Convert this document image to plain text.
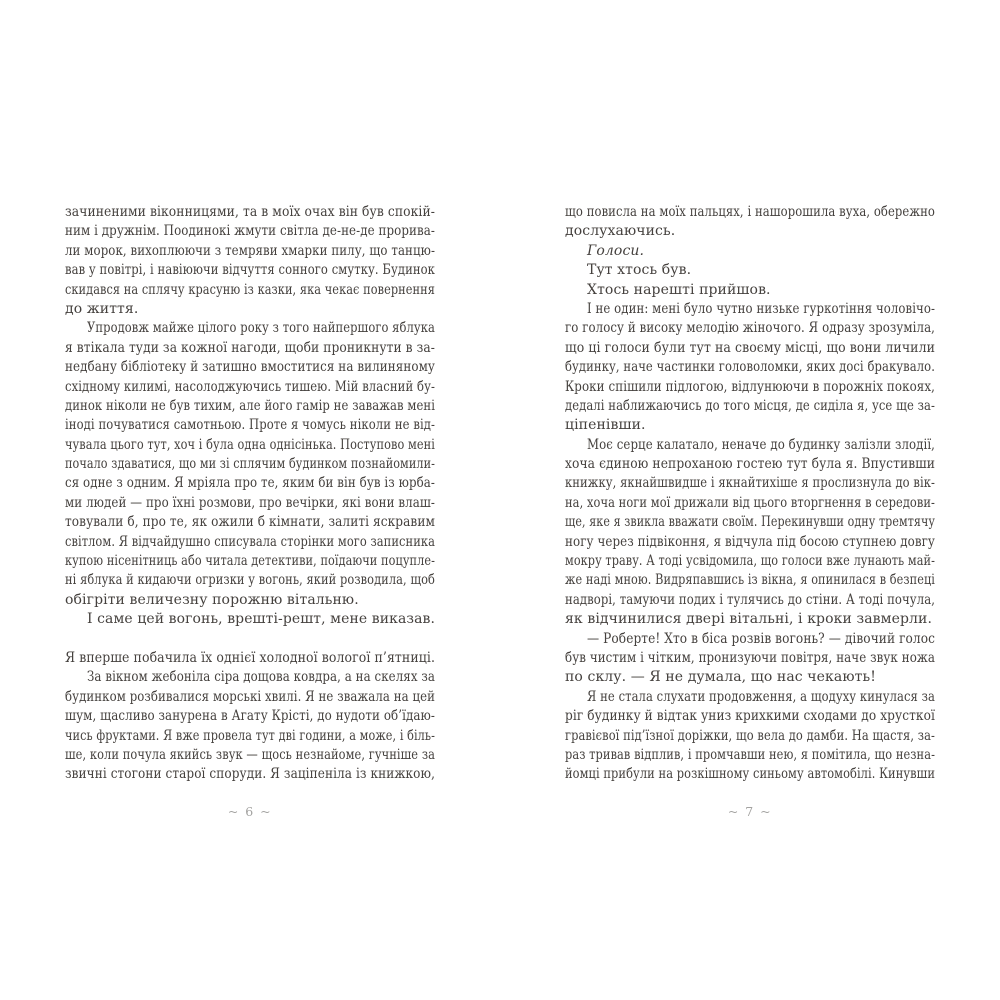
зачиненими віконницями, та в моїх очах він був спокій-
ним і дружнім. Поодинокі жмути світла де-не-де прорива-
ли морок, вихоплюючи з темряви хмарки пилу, що танцю-
вав у повітрі, і навіюючи відчуття сонного смутку. Будинок
скидався на сплячу красуню із казки, яка чекає повернення
до життя.
Упродовж майже цілого року з того найпершого яблука
я втікала туди за кожної нагоди, щоби проникнути в за-
недбану бібліотеку й затишно вмоститися на вилиняному
східному килимі, насолоджуючись тишею. Мій власний бу-
динок ніколи не був тихим, але його гамір не заважав мені
іноді почуватися самотньою. Проте я чомусь ніколи не від-
чувала цього тут, хоч і була одна однісінька. Поступово мені
почало здаватися, що ми зі сплячим будинком познайомили-
ся одне з одним. Я мріяла про те, яким би він був із юрба-
ми людей — про їхні розмови, про вечірки, які вони влаш-
товували б, про те, як ожили б кімнати, залиті яскравим
світлом. Я відчайдушно списувала сторінки мого записника
купою нісенітниць або читала детективи, поїдаючи поцупле-
ні яблука й кидаючи огризки у вогонь, який розводила, щоб
обігріти величезну порожню вітальню.
І саме цей вогонь, врешті-решт, мене виказав.
Я вперше побачила їх однієї холодної вологої п’ятниці.
За вікном жебоніла сіра дощова ковдра, а на скелях за
будинком розбивалися морські хвилі. Я не зважала на цей
шум, щасливо занурена в Агату Крісті, до нудоти об’їдаю-
чись фруктами. Я вже провела тут дві години, а може, і біль-
ше, коли почула якийсь звук — щось незнайоме, гучніше за
звичні стогони старої споруди. Я заціпеніла із книжкою,
що повисла на моїх пальцях, і нашорошила вуха, обережно
дослухаючись.
Голоси.
Тут хтось був.
Хтось нарешті прийшов.
І не один: мені було чутно низьке гуркотіння чоловічо-
го голосу й високу мелодію жіночого. Я одразу зрозуміла,
що ці голоси були тут на своєму місці, що вони личили
будинку, наче частинки головоломки, яких досі бракувало.
Кроки спішили підлогою, відлунюючи в порожніх покоях,
дедалі наближаючись до того місця, де сиділа я, усе ще за-
ціпенівши.
Моє серце калатало, неначе до будинку залізли злодії,
хоча єдиною непроханою гостею тут була я. Впустивши
книжку, якнайшвидше і якнайтихіше я прослизнула до вік-
на, хоча ноги мої дрижали від цього вторгнення в середови-
ще, яке я звикла вважати своїм. Перекинувши одну тремтячу
ногу через підвіконня, я відчула під босою ступнею довгу
мокру траву. А тоді усвідомила, що голоси вже лунають май-
же наді мною. Видряпавшись із вікна, я опинилася в безпеці
надворі, тамуючи подих і тулячись до стіни. А тоді почула,
як відчинилися двері вітальні, і кроки завмерли.
— Роберте! Хто в біса розвів вогонь? — дівочий голос
був чистим і чітким, пронизуючи повітря, наче звук ножа
по склу. — Я не думала, що нас чекають!
Я не стала слухати продовження, а щодуху кинулася за
ріг будинку й відтак униз крихкими сходами до хрусткої
гравієвої під’їзної доріжки, що вела до дамби. На щастя, за-
раз тривав відплив, і промчавши нею, я помітила, що незна-
йомці прибули на розкішному синьому автомобілі. Кинувши
~ 6 ~	~ 7 ~
